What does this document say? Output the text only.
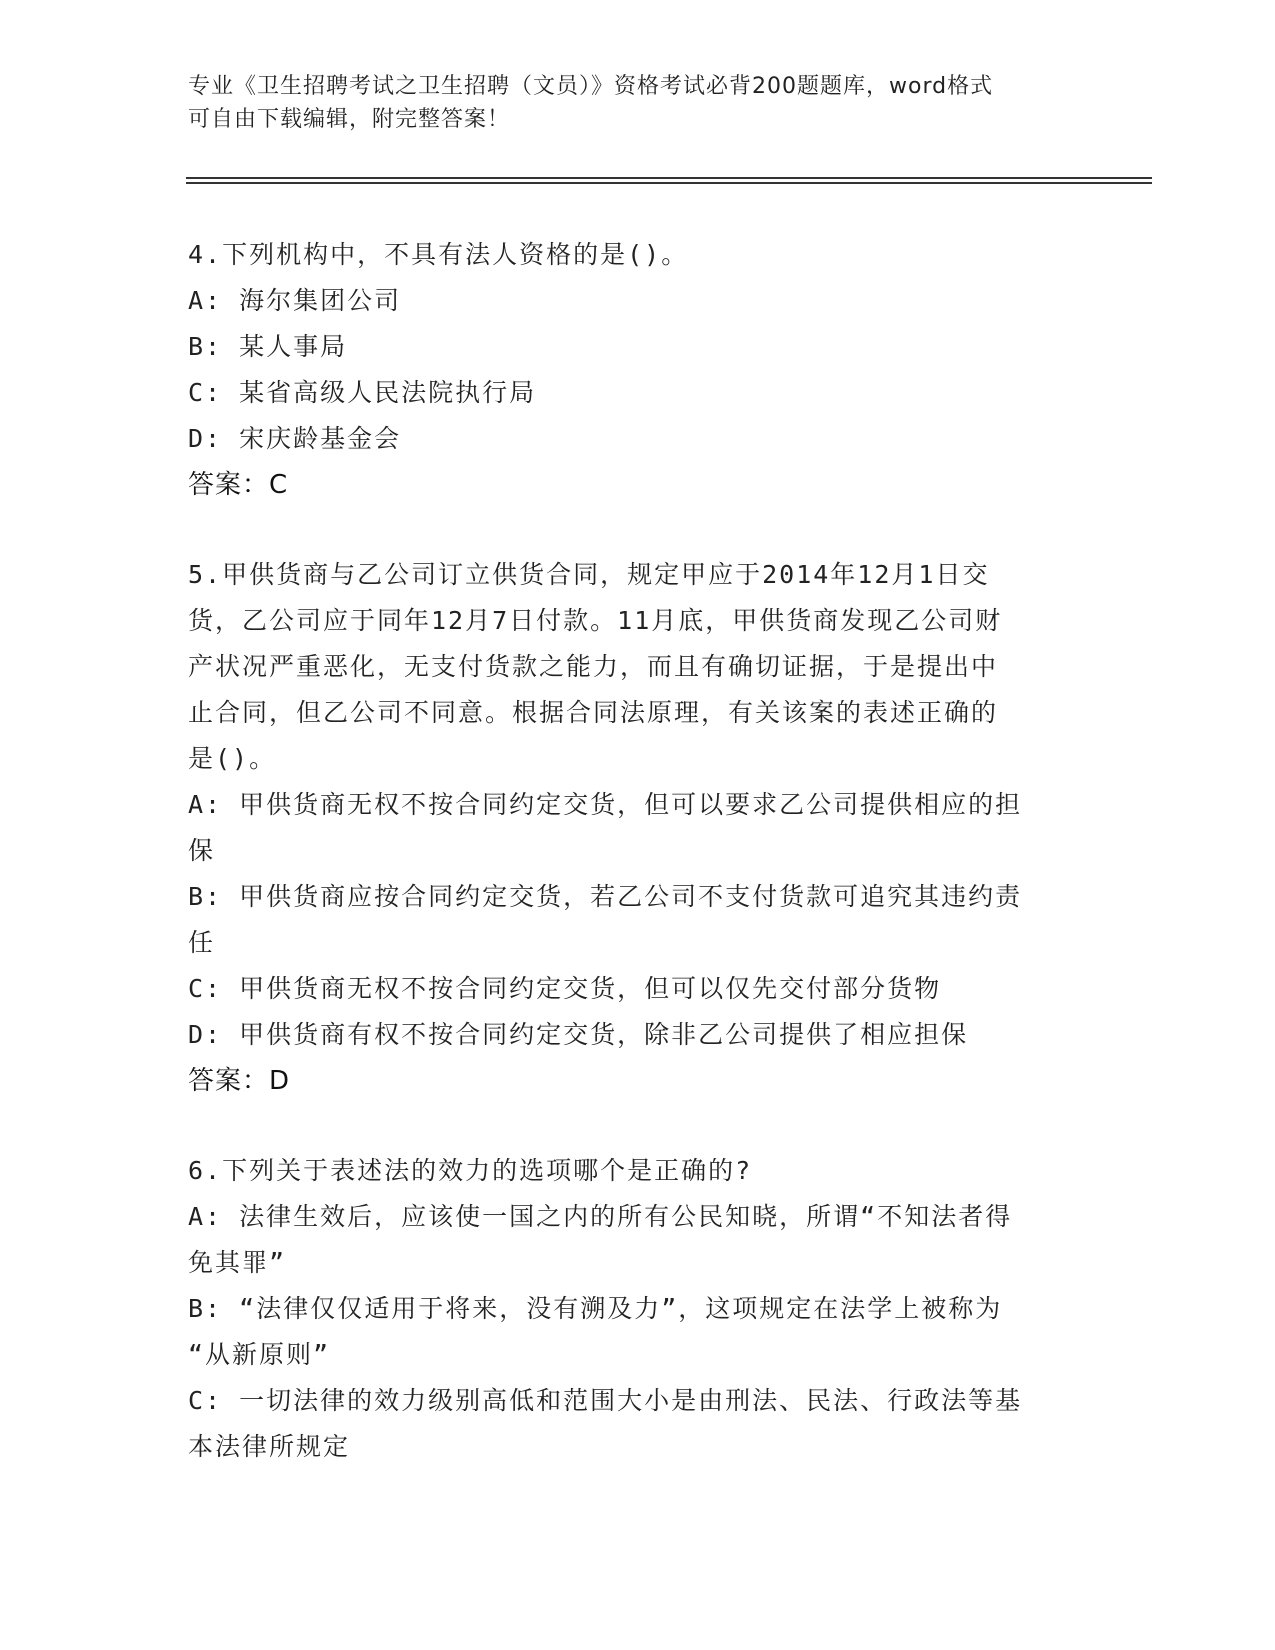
专业《卫生招聘考试之卫生招聘（文员）》资格考试必背200题题库，word格式
可自由下载编辑，附完整答案！
4.下列机构中，不具有法人资格的是()。
A: 海尔集团公司
B: 某人事局
C: 某省高级人民法院执行局
D: 宋庆龄基金会
答案：C
5.甲供货商与乙公司订立供货合同，规定甲应于2014年12月1日交
货，乙公司应于同年12月7日付款。11月底，甲供货商发现乙公司财
产状况严重恶化，无支付货款之能力，而且有确切证据，于是提出中
止合同，但乙公司不同意。根据合同法原理，有关该案的表述正确的
是()。
A: 甲供货商无权不按合同约定交货，但可以要求乙公司提供相应的担
保
B: 甲供货商应按合同约定交货，若乙公司不支付货款可追究其违约责
任
C: 甲供货商无权不按合同约定交货，但可以仅先交付部分货物
D: 甲供货商有权不按合同约定交货，除非乙公司提供了相应担保
答案：D
6.下列关于表述法的效力的选项哪个是正确的?
A: 法律生效后，应该使一国之内的所有公民知晓，所谓“不知法者得
免其罪”
B: “法律仅仅适用于将来，没有溯及力”，这项规定在法学上被称为
“从新原则”
C: 一切法律的效力级别高低和范围大小是由刑法、民法、行政法等基
本法律所规定
